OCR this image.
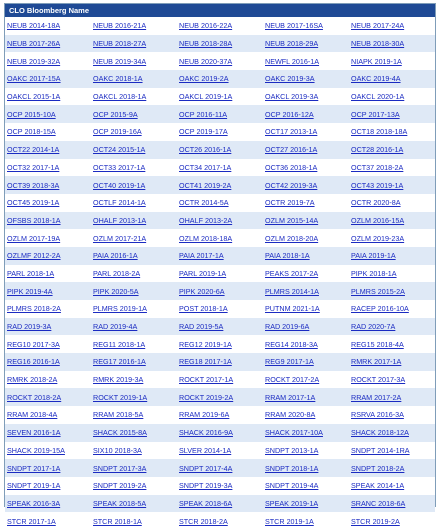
CLO Bloomberg Name
NEUB 2014-18A	NEUB 2016-21A	NEUB 2016-22A	NEUB 2017-16SA	NEUB 2017-24A
NEUB 2017-26A	NEUB 2018-27A	NEUB 2018-28A	NEUB 2018-29A	NEUB 2018-30A
NEUB 2019-32A	NEUB 2019-34A	NEUB 2020-37A	NEWFL 2016-1A	NIAPK 2019-1A
OAKC 2017-15A	OAKC 2018-1A	OAKC 2019-2A	OAKC 2019-3A	OAKC 2019-4A
OAKCL 2015-1A	OAKCL 2018-1A	OAKCL 2019-1A	OAKCL 2019-3A	OAKCL 2020-1A
OCP 2015-10A	OCP 2015-9A	OCP 2016-11A	OCP 2016-12A	OCP 2017-13A
OCP 2018-15A	OCP 2019-16A	OCP 2019-17A	OCT17 2013-1A	OCT18 2018-18A
OCT22 2014-1A	OCT24 2015-1A	OCT26 2016-1A	OCT27 2016-1A	OCT28 2016-1A
OCT32 2017-1A	OCT33 2017-1A	OCT34 2017-1A	OCT36 2018-1A	OCT37 2018-2A
OCT39 2018-3A	OCT40 2019-1A	OCT41 2019-2A	OCT42 2019-3A	OCT43 2019-1A
OCT45 2019-1A	OCTLF 2014-1A	OCTR 2014-5A	OCTR 2019-7A	OCTR 2020-8A
OFSBS 2018-1A	OHALF 2013-1A	OHALF 2013-2A	OZLM 2015-14A	OZLM 2016-15A
OZLM 2017-19A	OZLM 2017-21A	OZLM 2018-18A	OZLM 2018-20A	OZLM 2019-23A
OZLMF 2012-2A	PAIA 2016-1A	PAIA 2017-1A	PAIA 2018-1A	PAIA 2019-1A
PARL 2018-1A	PARL 2018-2A	PARL 2019-1A	PEAKS 2017-2A	PIPK 2018-1A
PIPK 2019-4A	PIPK 2020-5A	PIPK 2020-6A	PLMRS 2014-1A	PLMRS 2015-2A
PLMRS 2018-2A	PLMRS 2019-1A	POST 2018-1A	PUTNM 2021-1A	RACEP 2016-10A
RAD 2019-3A	RAD 2019-4A	RAD 2019-5A	RAD 2019-6A	RAD 2020-7A
REG10 2017-3A	REG11 2018-1A	REG12 2019-1A	REG14 2018-3A	REG15 2018-4A
REG16 2016-1A	REG17 2016-1A	REG18 2017-1A	REG9 2017-1A	RMRK 2017-1A
RMRK 2018-2A	RMRK 2019-3A	ROCKT 2017-1A	ROCKT 2017-2A	ROCKT 2017-3A
ROCKT 2018-2A	ROCKT 2019-1A	ROCKT 2019-2A	RRAM 2017-1A	RRAM 2017-2A
RRAM 2018-4A	RRAM 2018-5A	RRAM 2019-6A	RRAM 2020-8A	RSRVA 2016-3A
SEVEN 2016-1A	SHACK 2015-8A	SHACK 2016-9A	SHACK 2017-10A	SHACK 2018-12A
SHACK 2019-15A	SIX10 2018-3A	SLVER 2014-1A	SNDPT 2013-1A	SNDPT 2014-1RA
SNDPT 2017-1A	SNDPT 2017-3A	SNDPT 2017-4A	SNDPT 2018-1A	SNDPT 2018-2A
SNDPT 2019-1A	SNDPT 2019-2A	SNDPT 2019-3A	SNDPT 2019-4A	SPEAK 2014-1A
SPEAK 2016-3A	SPEAK 2018-5A	SPEAK 2018-6A	SPEAK 2019-1A	SRANC 2018-6A
STCR 2017-1A	STCR 2018-1A	STCR 2018-2A	STCR 2019-1A	STCR 2019-2A
